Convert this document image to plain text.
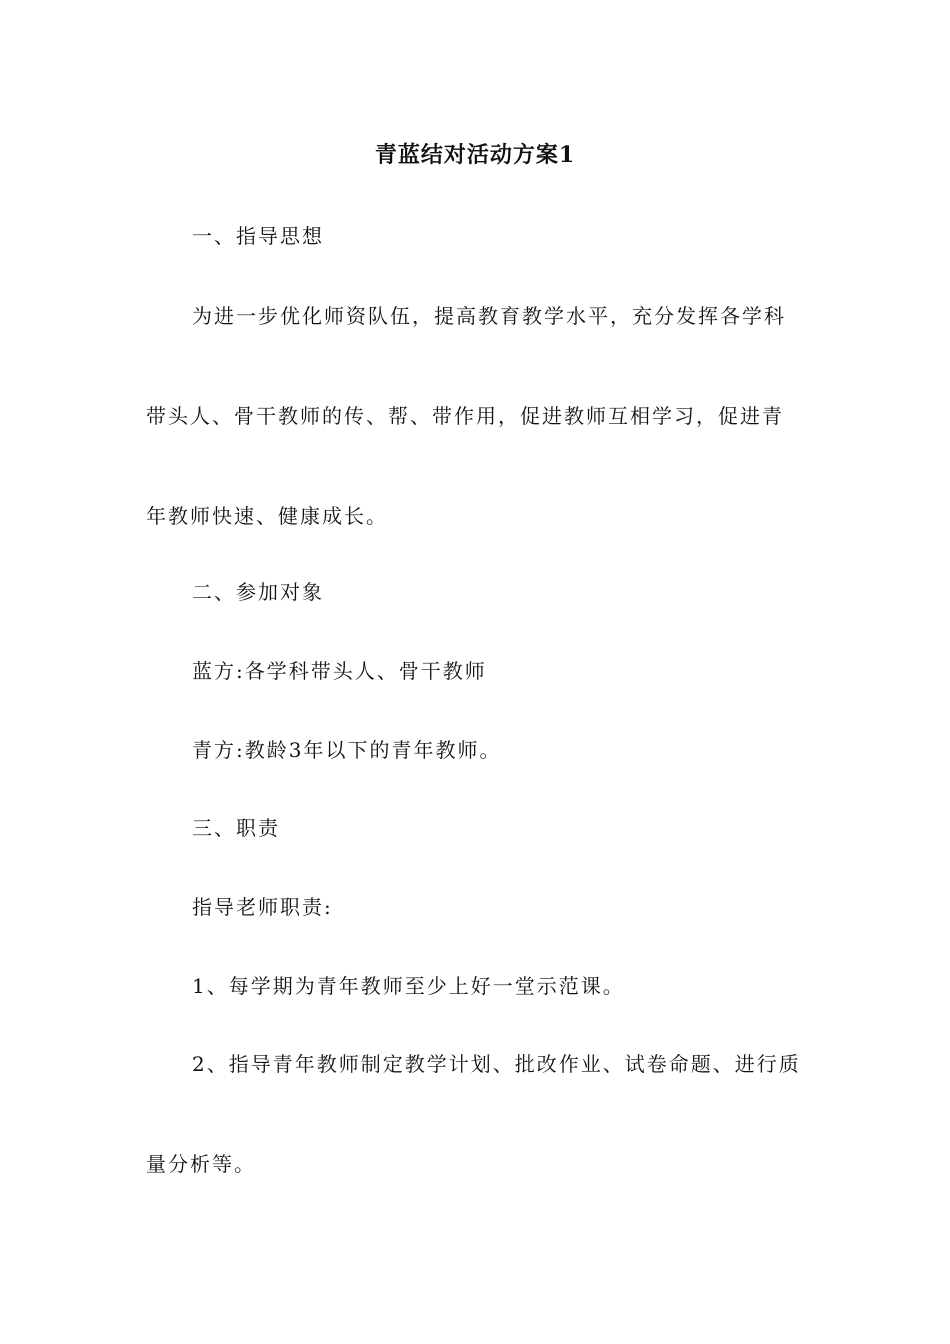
青蓝结对活动方案1
一、指导思想
为进一步优化师资队伍，提高教育教学水平，充分发挥各学科
带头人、骨干教师的传、帮、带作用，促进教师互相学习，促进青
年教师快速、健康成长。
二、参加对象
蓝方:各学科带头人、骨干教师
青方:教龄3年以下的青年教师。
三、职责
指导老师职责:
1、每学期为青年教师至少上好一堂示范课。
2、指导青年教师制定教学计划、批改作业、试卷命题、进行质
量分析等。
